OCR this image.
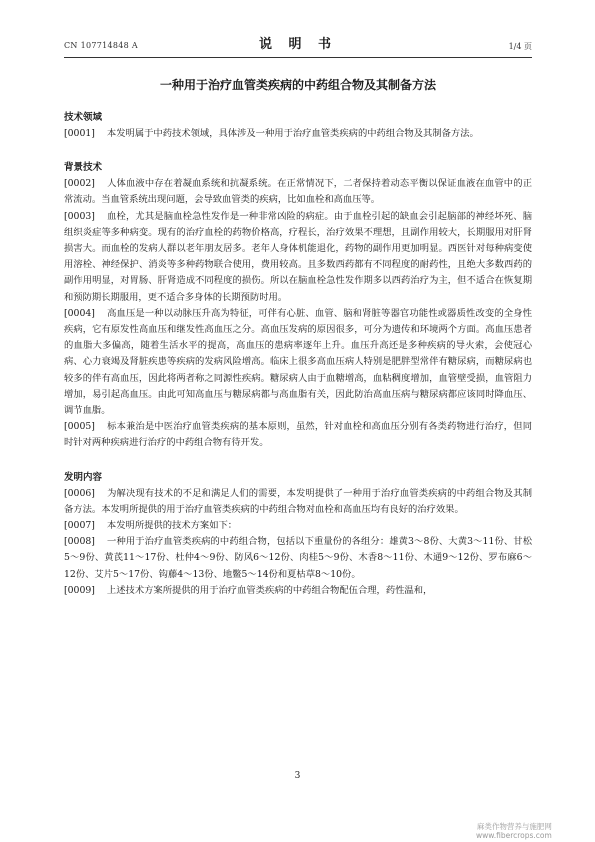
CN 107714848 A	说 明 书	1/4 页
一种用于治疗血管类疾病的中药组合物及其制备方法
技术领域
[0001] 本发明属于中药技术领域，具体涉及一种用于治疗血管类疾病的中药组合物及其制备方法。
背景技术
[0002] 人体血液中存在着凝血系统和抗凝系统。在正常情况下，二者保持着动态平衡以保证血液在血管中的正常流动。当血管系统出现问题，会导致血管类的疾病，比如血栓和高血压等。
[0003] 血栓，尤其是脑血栓急性发作是一种非常凶险的病症。由于血栓引起的缺血会引起脑部的神经坏死、脑组织炎症等多种病变。现有的治疗血栓的药物价格高，疗程长，治疗效果不理想，且副作用较大，长期服用对肝肾损害大。而血栓的发病人群以老年朋友居多。老年人身体机能退化，药物的副作用更加明显。西医针对每种病变使用溶栓、神经保护、消炎等多种药物联合使用，费用较高。且多数西药都有不同程度的耐药性，且绝大多数西药的副作用明显，对胃肠、肝肾造成不同程度的损伤。所以在脑血栓急性发作期多以西药治疗为主，但不适合在恢复期和预防期长期服用，更不适合多身体的长期预防时用。
[0004] 高血压是一种以动脉压升高为特征，可伴有心脏、血管、脑和肾脏等器官功能性或器质性改变的全身性疾病，它有原发性高血压和继发性高血压之分。高血压发病的原因很多，可分为遗传和环境两个方面。高血压患者的血脂大多偏高，随着生活水平的提高，高血压的患病率逐年上升。血压升高还是多种疾病的导火索，会使冠心病、心力衰竭及肾脏疾患等疾病的发病风险增高。临床上很多高血压病人特别是肥胖型常伴有糖尿病，而糖尿病也较多的伴有高血压，因此将两者称之同源性疾病。糖尿病人由于血糖增高，血粘稠度增加，血管壁受损，血管阻力增加，易引起高血压。由此可知高血压与糖尿病都与高血脂有关，因此防治高血压病与糖尿病都应该同时降血压、调节血脂。
[0005] 标本兼治是中医治疗血管类疾病的基本原则，虽然，针对血栓和高血压分别有各类药物进行治疗，但同时针对两种疾病进行治疗的中药组合物有待开发。
发明内容
[0006] 为解决现有技术的不足和满足人们的需要，本发明提供了一种用于治疗血管类疾病的中药组合物及其制备方法。本发明所提供的用于治疗血管类疾病的中药组合物对血栓和高血压均有良好的治疗效果。
[0007] 本发明所提供的技术方案如下：
[0008] 一种用于治疗血管类疾病的中药组合物，包括以下重量份的各组分：雄黄3～8份、大黄3～11份、甘松5～9份、黄芪11～17份、杜仲4～9份、防风6～12份、肉桂5～9份、木香8～11份、木通9～12份、罗布麻6～12份、艾片5～17份、钩藤4～13份、地鳖5～14份和夏枯草8～10份。
[0009] 上述技术方案所提供的用于治疗血管类疾病的中药组合物配伍合理，药性温和，
3
麻类作物营养与施肥网
www.fibercrops.com
